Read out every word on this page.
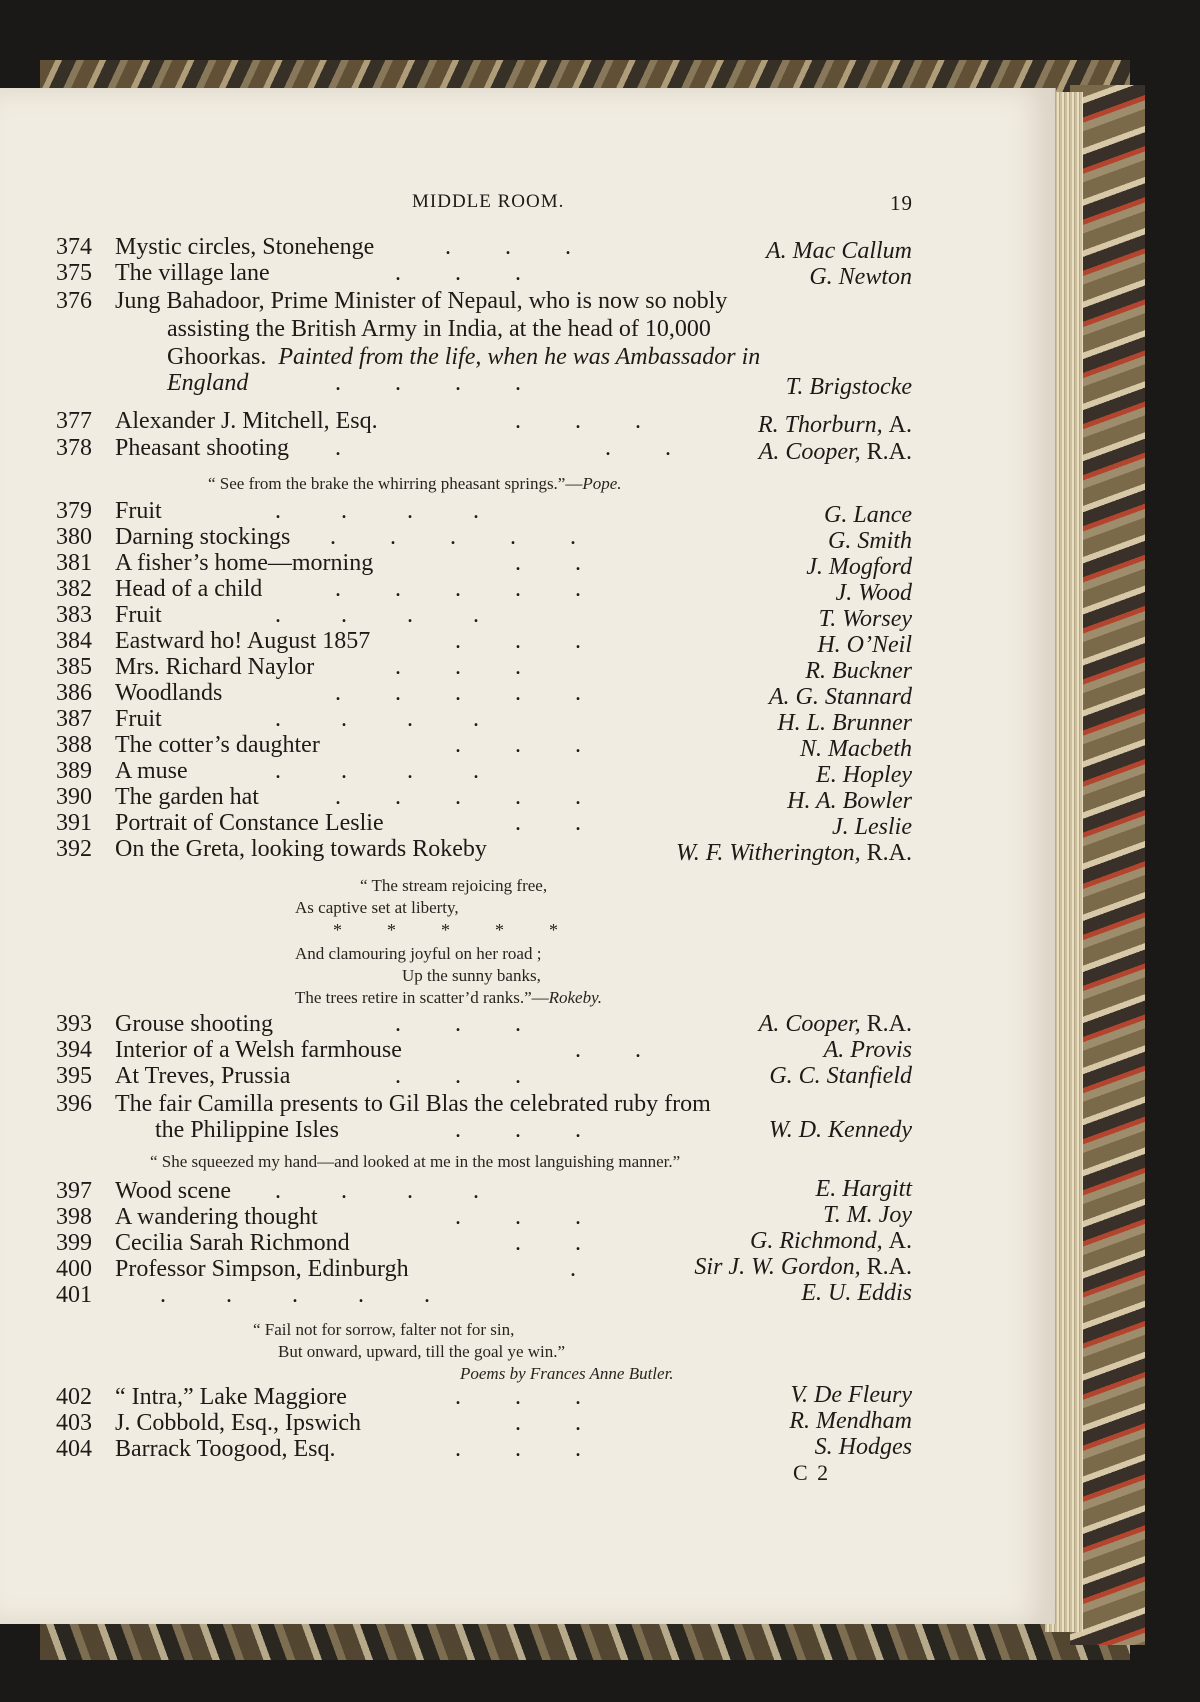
MIDDLE ROOM.	19
374 Mystic circles, Stonehenge	.         .         .	A. Mac Callum
375 The village lane	.         .         .	G. Newton
376 Jung Bahadoor, Prime Minister of Nepaul, who is now so nobly
assisting the British Army in India, at the head of 10,000
Ghoorkas. Painted from the life, when he was Ambassador in
England	.         .         .         .	T. Brigstocke
377 Alexander J. Mitchell, Esq.	.         .         .	R. Thorburn, A.
378 Pheasant shooting .                                            .         .	A. Cooper, R.A.
“ See from the brake the whirring pheasant springs.”—Pope.
379 Fruit	.          .          .          .	G. Lance
380 Darning stockings .         .         .         .         .	G. Smith
381 A fisher’s home—morning	.         .	J. Mogford
382 Head of a child	.         .         .         .         .	J. Wood
383 Fruit	.          .          .          .	T. Worsey
384 Eastward ho! August 1857	.         .         .	H. O’Neil
385 Mrs. Richard Naylor	.         .         .	R. Buckner
386 Woodlands	.         .         .         .         .	A. G. Stannard
387 Fruit	.          .          .          .	H. L. Brunner
388 The cotter’s daughter	.         .         .	N. Macbeth
389 A muse	.          .          .          .	E. Hopley
390 The garden hat	.         .         .         .         .	H. A. Bowler
391 Portrait of Constance Leslie	.         .	J. Leslie
392 On the Greta, looking towards Rokeby	W. F. Witherington, R.A.
“ The stream rejoicing free,
As captive set at liberty,
*          *          *          *          *
And clamouring joyful on her road ;
Up the sunny banks,
The trees retire in scatter’d ranks.”—Rokeby.
393 Grouse shooting	.         .         .	A. Cooper, R.A.
394 Interior of a Welsh farmhouse	.         .	A. Provis
395 At Treves, Prussia	.         .         .	G. C. Stanfield
396 The fair Camilla presents to Gil Blas the celebrated ruby from
the Philippine Isles	.         .         .	W. D. Kennedy
“ She squeezed my hand—and looked at me in the most languishing manner.”
397 Wood scene .          .          .          .	E. Hargitt
398 A wandering thought	.         .         .	T. M. Joy
399 Cecilia Sarah Richmond	.         .	G. Richmond, A.
400 Professor Simpson, Edinburgh	.	Sir J. W. Gordon, R.A.
401	.          .          .          .          .	E. U. Eddis
“ Fail not for sorrow, falter not for sin,
But onward, upward, till the goal ye win.”
Poems by Frances Anne Butler.
402 “ Intra,” Lake Maggiore	.         .         .	V. De Fleury
403 J. Cobbold, Esq., Ipswich	.         .	R. Mendham
404 Barrack Toogood, Esq.	.         .         .	S. Hodges
C 2
